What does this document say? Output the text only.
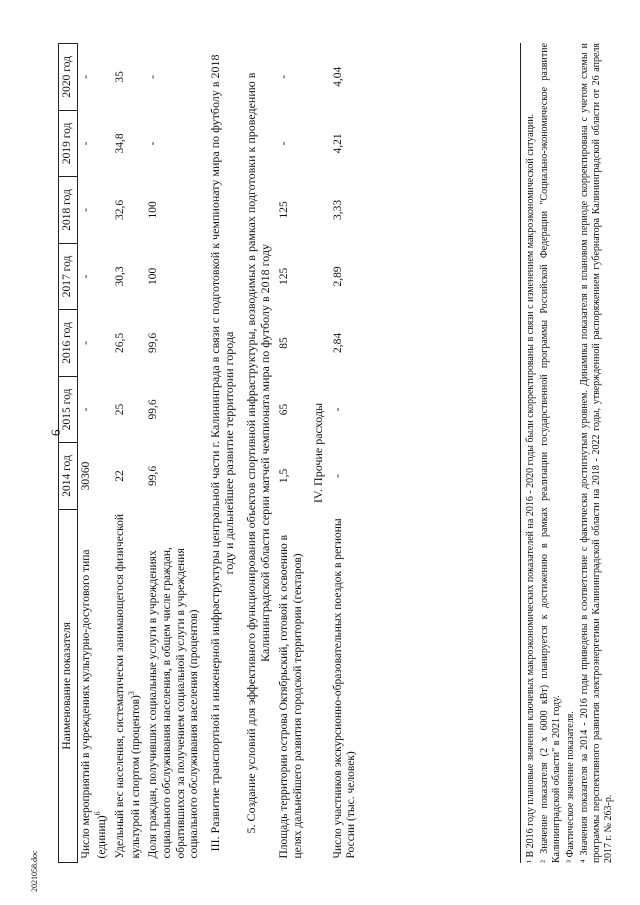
6
Наименование показателя	2014 год	2015 год	2016 год	2017 год	2018 год	2019 год	2020 год
Число мероприятий в учреждениях культурно-досугового типа (единиц)$^6$	30360	-	-	-	-	-	-
Удельный вес населения, систематически занимающегося физической культурой и спортом (процентов)$^3$	22	25	26,5	30,3	32,6	34,8	35
Доля граждан, получивших социальные услуги в учреждениях социального обслуживания населения, в общем числе граждан, обратившихся за получением социальной услуги в учреждения социального обслуживания населения (процентов)	99,6	99,6	99,6	100	100	-	-
III. Развитие транспортной и инженерной инфраструктуры центральной части г. Калининграда в связи с подготовкой к чемпионату мира по футболу в 2018 году и дальнейшее развитие территории города							
5. Создание условий для эффективного функционирования объектов спортивной инфраструктуры, возводимых в рамках подготовки к проведению в Калининградской области серии матчей чемпионата мира по футболу в 2018 году							
Площадь территории острова Октябрьский, готовой к освоению в целях дальнейшего развития городской территории (гектаров)	1,5	65	85	125	125	-	-
IV. Прочие расходы							
Число участников экскурсионно-образовательных поездок в регионы России (тыс. человек)	-	-	2,84	2,89	3,33	4,21	4,04

¹ В 2016 году плановые значения ключевых макроэкономических показателей на 2016 - 2020 годы были скорректированы в связи с изменением макроэкономической ситуации. ² Значение показателя (2 х 6000 кВт) планируется к достижению в рамках реализации государственной программы Российской Федерации "Социально-экономическое развитие Калининградской области" в 2021 году. ³ Фактическое значение показателя. ⁴ Значения показателя за 2014 - 2016 годы приведены в соответствие с фактически достигнутым уровнем. Динамика показателя в плановом периоде скорректирована с учетом схемы и программы перспективного развития электроэнергетики Калининградской области на 2018 - 2022 годы, утвержденной распоряжением губернатора Калининградской области от 26 апреля 2017 г. № 263-р.

2021058.doc
